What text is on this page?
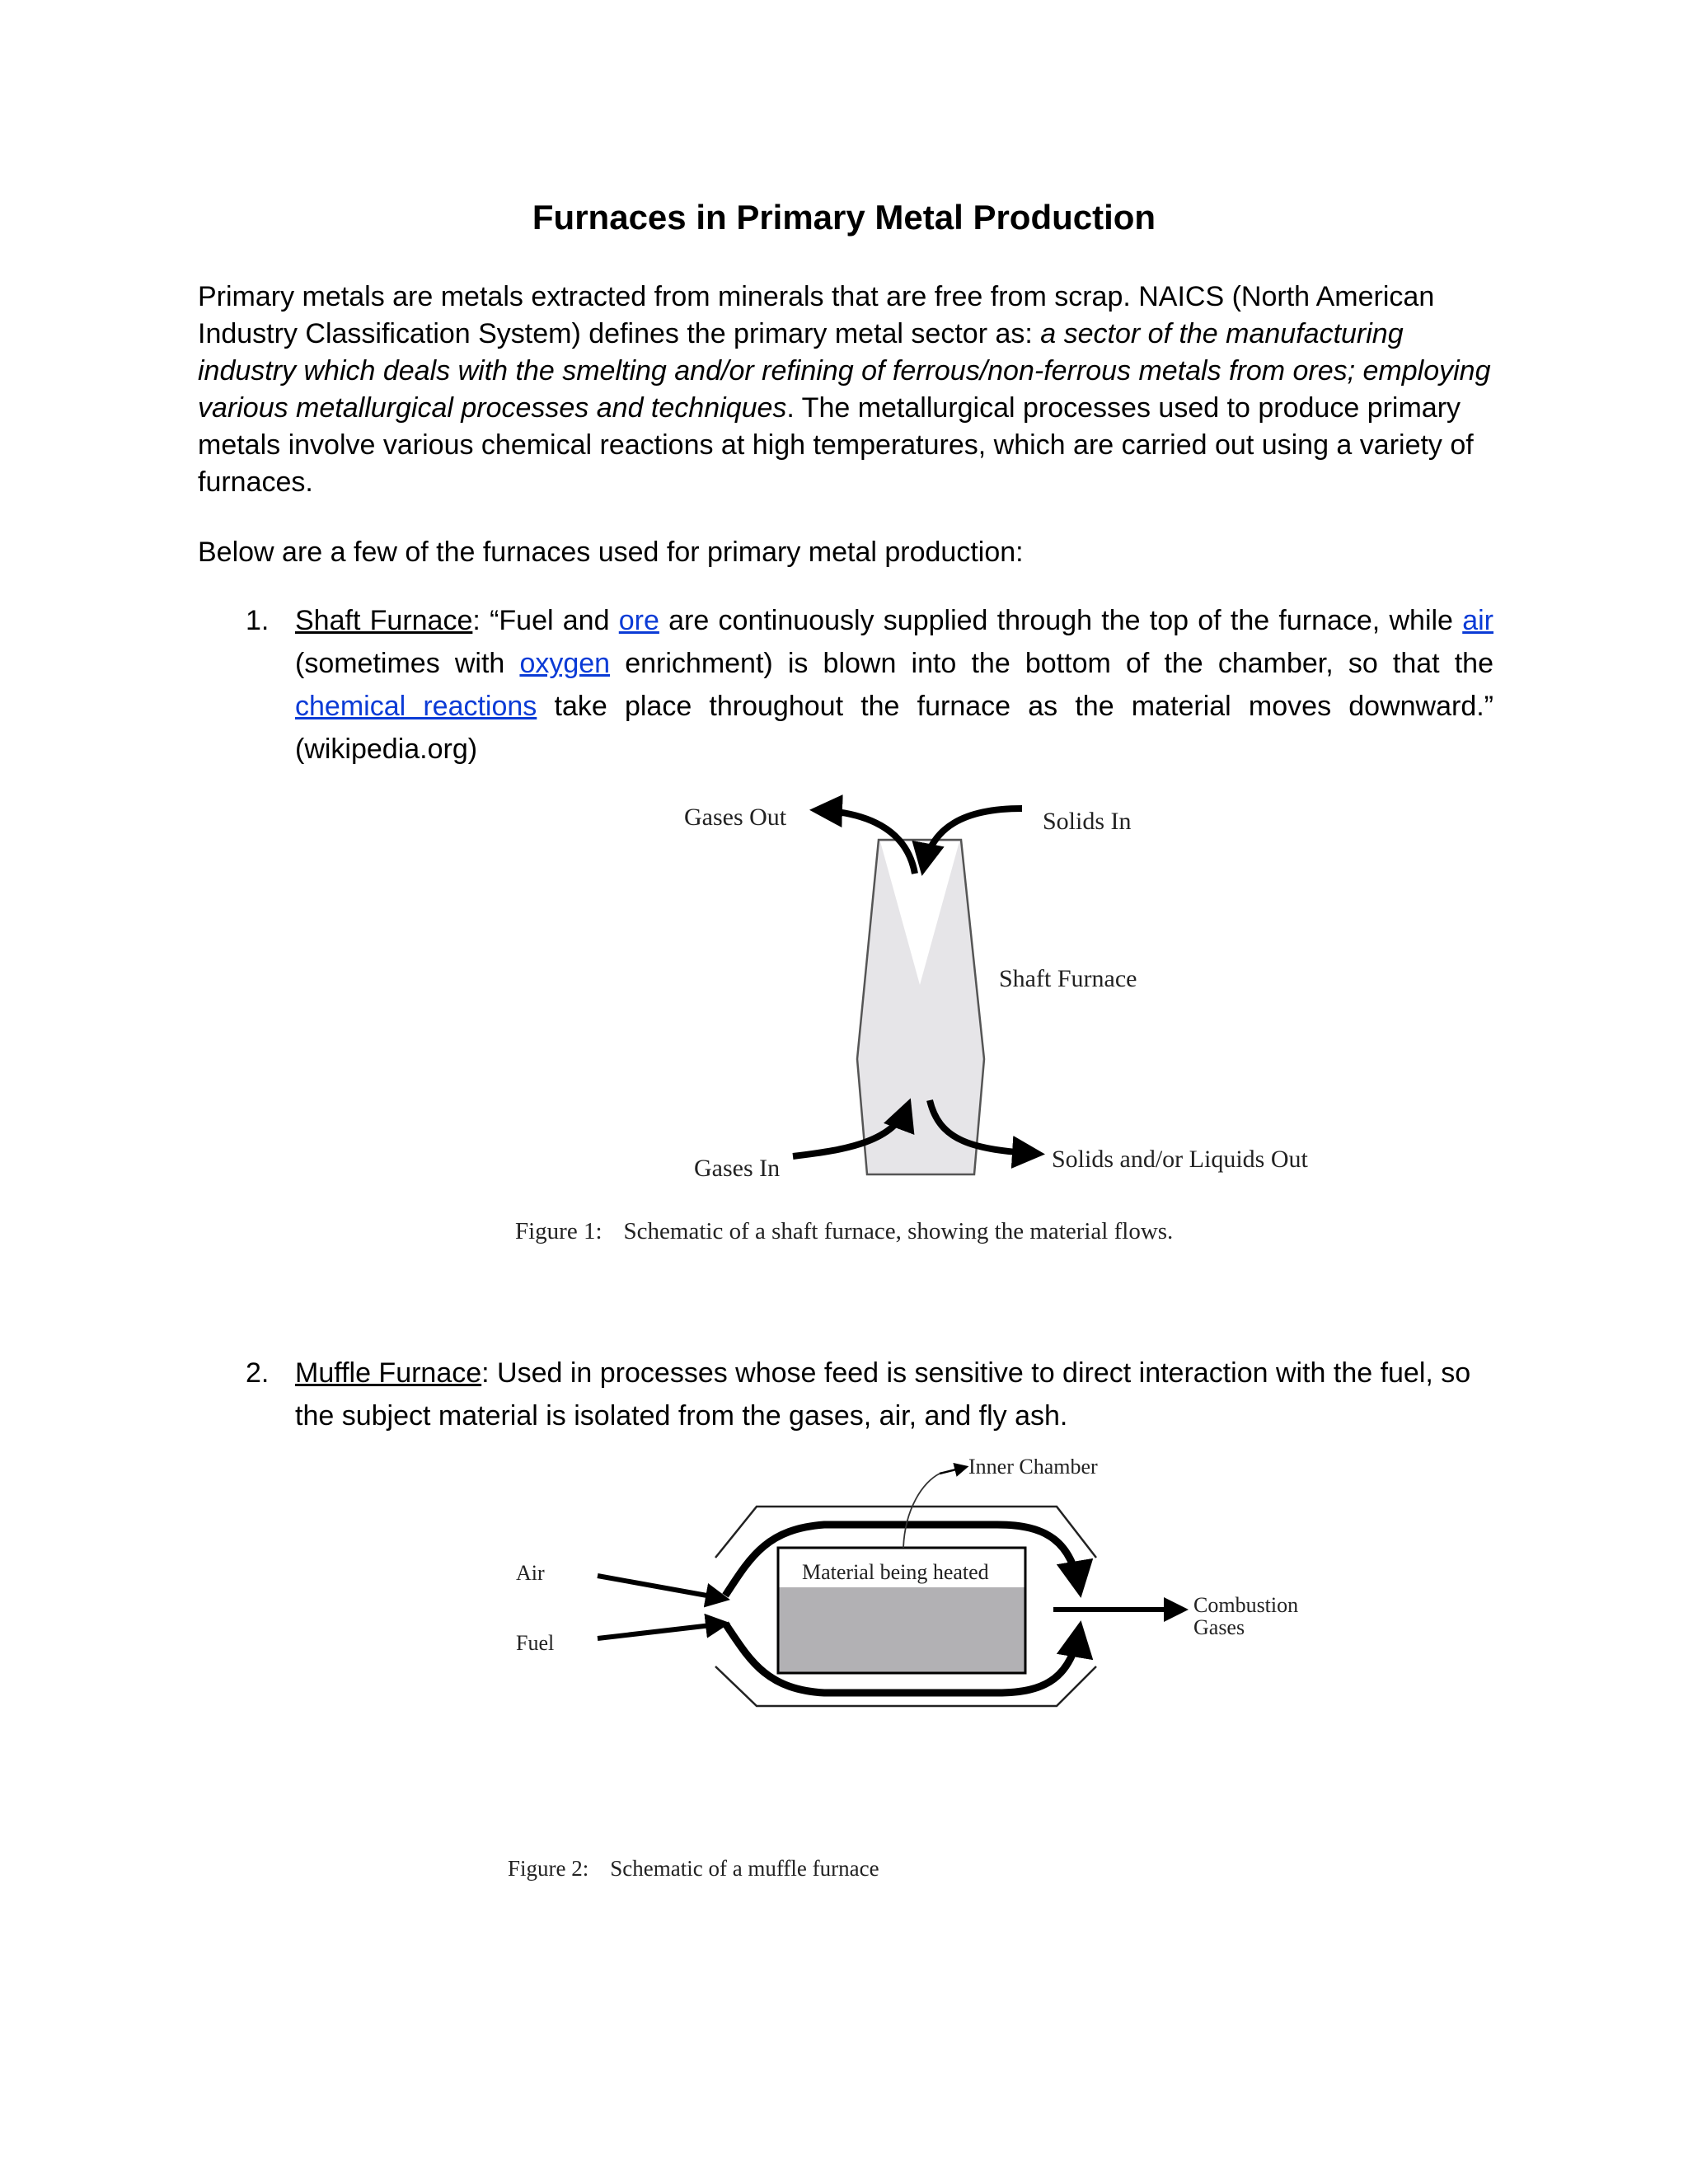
Furnaces in Primary Metal Production

Primary metals are metals extracted from minerals that are free from scrap. NAICS (North American Industry Classification System) defines the primary metal sector as: a sector of the manufacturing industry which deals with the smelting and/or refining of ferrous/non-ferrous metals from ores; employing various metallurgical processes and techniques. The metallurgical processes used to produce primary metals involve various chemical reactions at high temperatures, which are carried out using a variety of furnaces.

Below are a few of the furnaces used for primary metal production:

1. Shaft Furnace: “Fuel and ore are continuously supplied through the top of the furnace, while air (sometimes with oxygen enrichment) is blown into the bottom of the chamber, so that the chemical reactions take place throughout the furnace as the material moves downward.” (wikipedia.org)
Gases Out	Solids In
Shaft Furnace
Gases In	Solids and/or Liquids Out
Figure 1: Schematic of a shaft furnace, showing the material flows.
2. Muffle Furnace: Used in processes whose feed is sensitive to direct interaction with the fuel, so the subject material is isolated from the gases, air, and fly ash.
Material being heated
Inner Chamber
Air
Fuel
Combustion
Gases
Figure 2: Schematic of a muffle furnace
